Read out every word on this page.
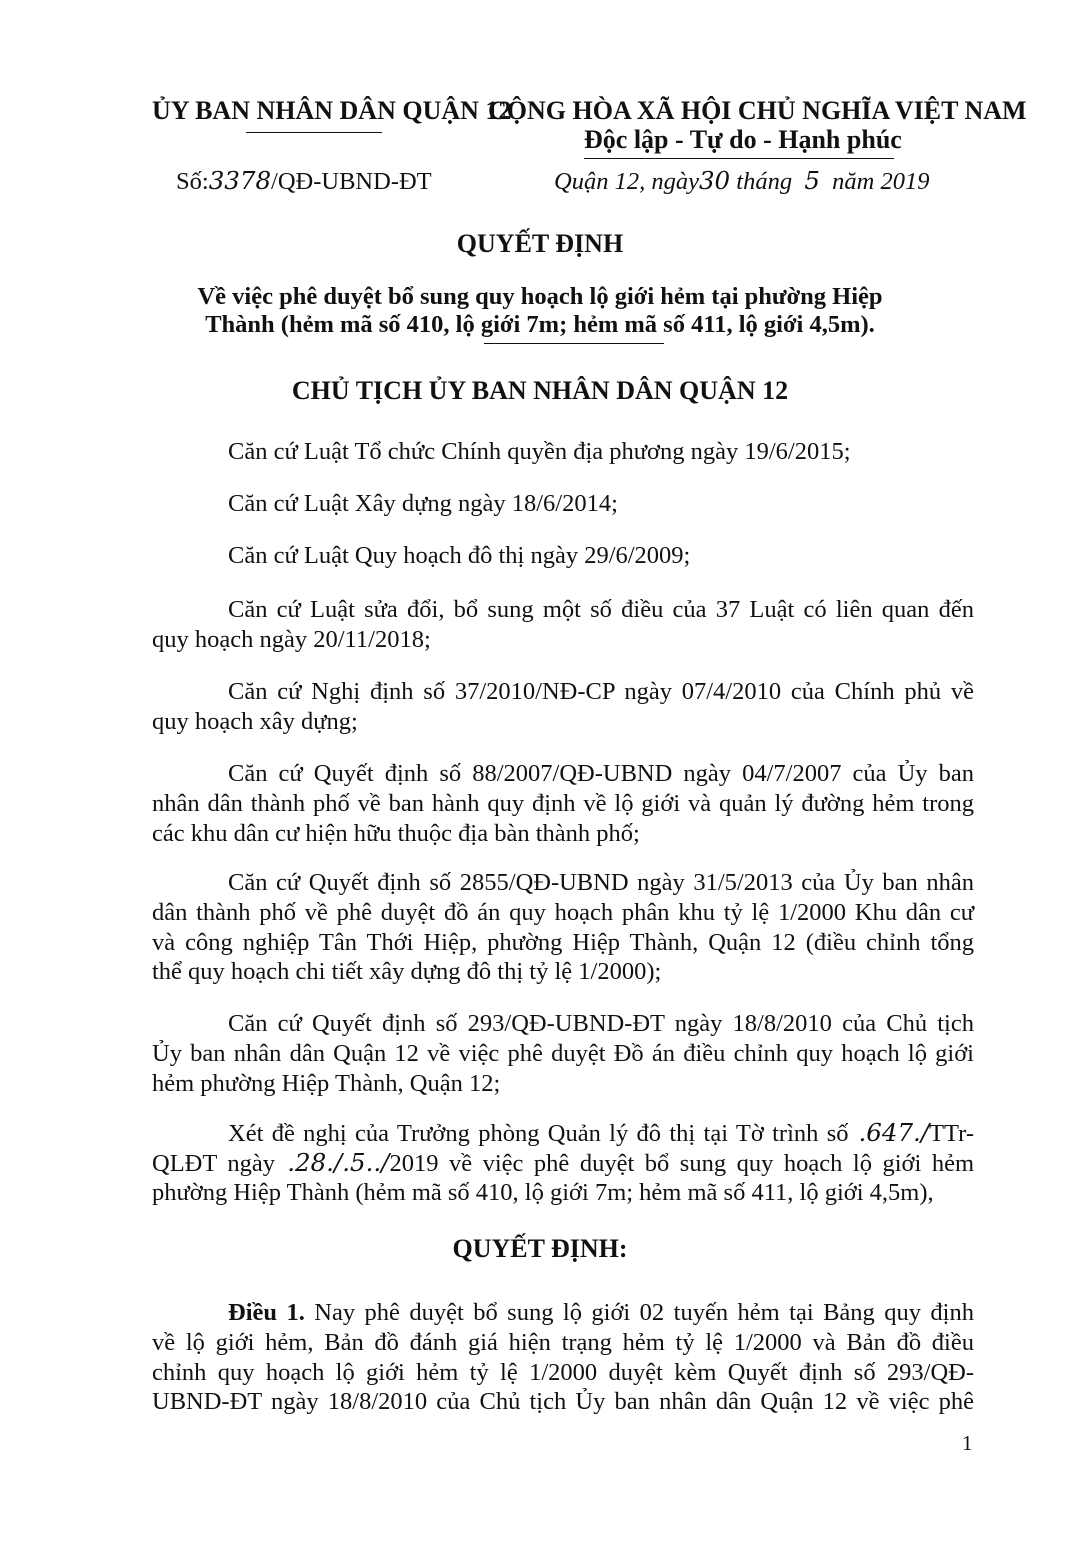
ỦY BAN NHÂN DÂN QUẬN 12
CỘNG HÒA XÃ HỘI CHỦ NGHĨA VIỆT NAM
Độc lập - Tự do - Hạnh phúc
Số:3378/QĐ-UBND-ĐT	Quận 12, ngày30 tháng 5 năm 2019
QUYẾT ĐỊNH
Về việc phê duyệt bổ sung quy hoạch lộ giới hẻm tại phường Hiệp
Thành (hẻm mã số 410, lộ giới 7m; hẻm mã số 411, lộ giới 4,5m).
CHỦ TỊCH ỦY BAN NHÂN DÂN QUẬN 12
Căn cứ Luật Tổ chức Chính quyền địa phương ngày 19/6/2015;
Căn cứ Luật Xây dựng ngày 18/6/2014;
Căn cứ Luật Quy hoạch đô thị ngày 29/6/2009;
Căn cứ Luật sửa đổi, bổ sung một số điều của 37 Luật có liên quan đến
quy hoạch ngày 20/11/2018;
Căn cứ Nghị định số 37/2010/NĐ-CP ngày 07/4/2010 của Chính phủ về
quy hoạch xây dựng;
Căn cứ Quyết định số 88/2007/QĐ-UBND ngày 04/7/2007 của Ủy ban
nhân dân thành phố về ban hành quy định về lộ giới và quản lý đường hẻm trong
các khu dân cư hiện hữu thuộc địa bàn thành phố;
Căn cứ Quyết định số 2855/QĐ-UBND ngày 31/5/2013 của Ủy ban nhân
dân thành phố về phê duyệt đồ án quy hoạch phân khu tỷ lệ 1/2000 Khu dân cư
và công nghiệp Tân Thới Hiệp, phường Hiệp Thành, Quận 12 (điều chỉnh tổng
thể quy hoạch chi tiết xây dựng đô thị tỷ lệ 1/2000);
Căn cứ Quyết định số 293/QĐ-UBND-ĐT ngày 18/8/2010 của Chủ tịch
Ủy ban nhân dân Quận 12 về việc phê duyệt Đồ án điều chỉnh quy hoạch lộ giới
hẻm phường Hiệp Thành, Quận 12;
Xét đề nghị của Trưởng phòng Quản lý đô thị tại Tờ trình số .647./TTr-
QLĐT ngày .28./.5../2019 về việc phê duyệt bổ sung quy hoạch lộ giới hẻm
phường Hiệp Thành (hẻm mã số 410, lộ giới 7m; hẻm mã số 411, lộ giới 4,5m),
QUYẾT ĐỊNH:
Điều 1. Nay phê duyệt bổ sung lộ giới 02 tuyến hẻm tại Bảng quy định
về lộ giới hẻm, Bản đồ đánh giá hiện trạng hẻm tỷ lệ 1/2000 và Bản đồ điều
chỉnh quy hoạch lộ giới hẻm tỷ lệ 1/2000 duyệt kèm Quyết định số 293/QĐ-
UBND-ĐT ngày 18/8/2010 của Chủ tịch Ủy ban nhân dân Quận 12 về việc phê
1
